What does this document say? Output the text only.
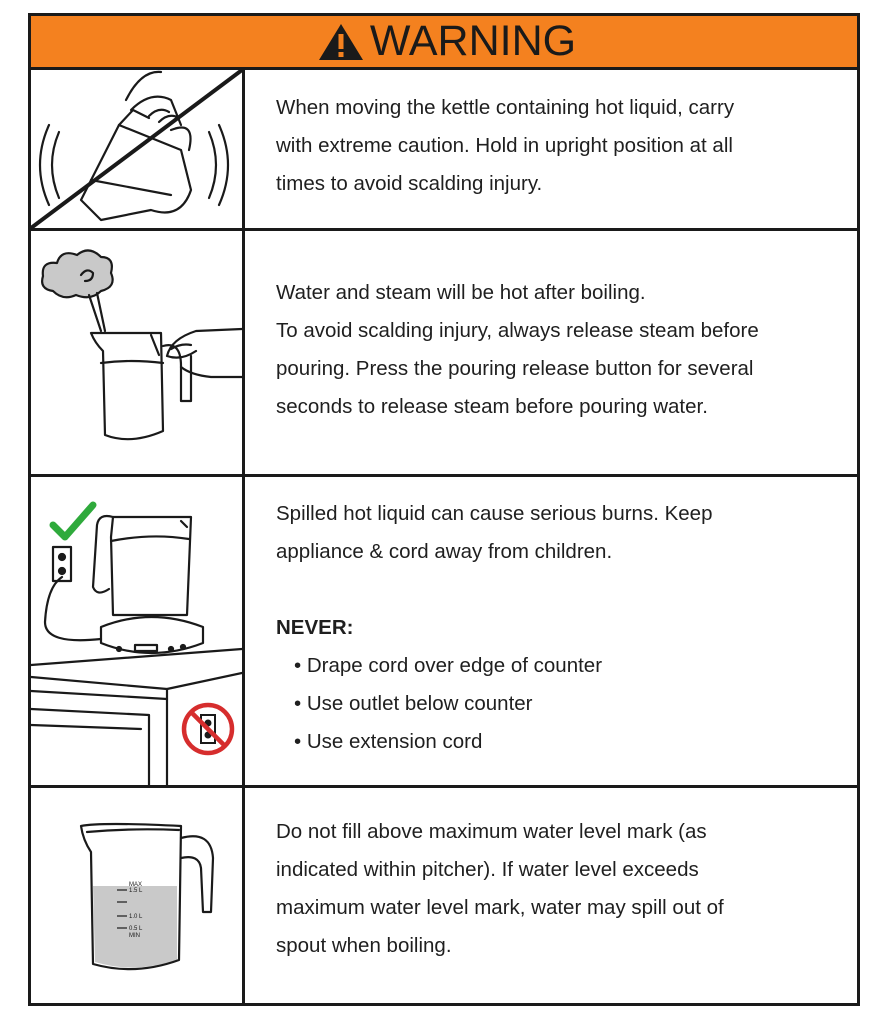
WARNING

When moving the kettle containing hot liquid, carry

with extreme caution. Hold in upright position at all

times to avoid scalding injury.

Water and steam will be hot after boiling.

To avoid scalding injury, always release steam before

pouring. Press the pouring release button for several

seconds to release steam before pouring water.

Spilled hot liquid can cause serious burns. Keep

appliance & cord away from children.

NEVER:

• Drape cord over edge of counter

• Use outlet below counter

• Use extension cord

MAX
1.5 L
1.0 L
0.5 L
MIN

Do not fill above maximum water level mark (as

indicated within pitcher). If water level exceeds

maximum water level mark, water may spill out of

spout when boiling.
